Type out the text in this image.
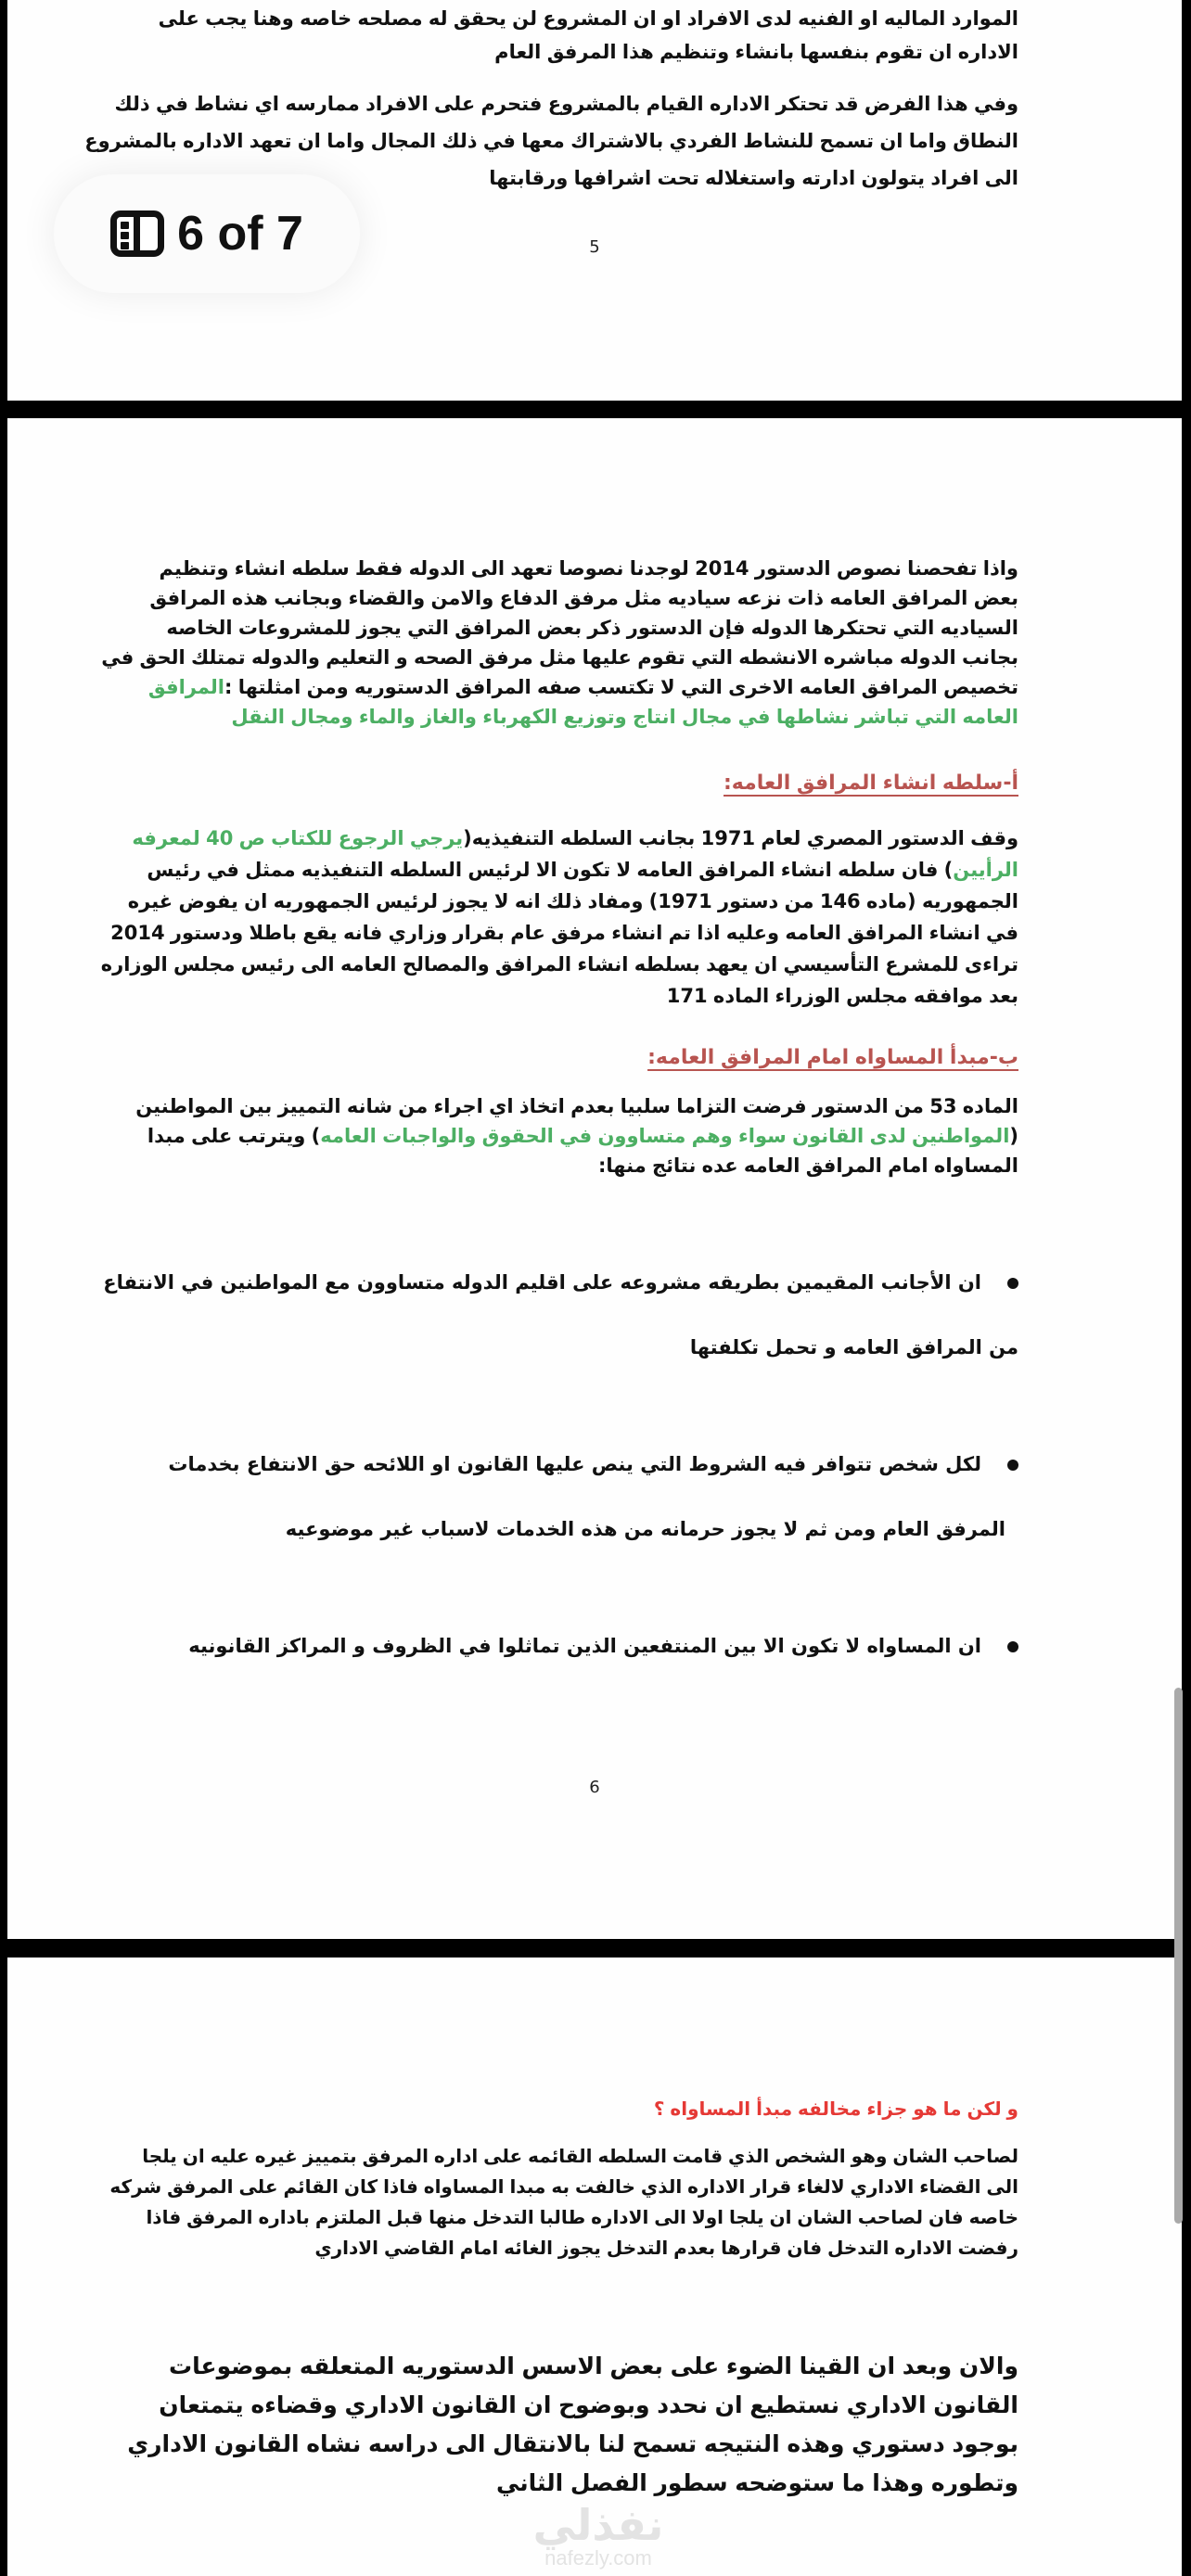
الموارد الماليه او الفنيه لدى الافراد او ان المشروع لن يحقق له مصلحه خاصه وهنا يجب على
الاداره ان تقوم بنفسها بانشاء وتنظيم هذا المرفق العام
وفي هذا الفرض قد تحتكر الاداره القيام بالمشروع فتحرم على الافراد ممارسه اي نشاط في ذلك
النطاق واما ان تسمح للنشاط الفردي بالاشتراك معها في ذلك المجال واما ان تعهد الاداره بالمشروع
الى افراد يتولون ادارته واستغلاله تحت اشرافها ورقابتها
5
واذا تفحصنا نصوص الدستور 2014 لوجدنا نصوصا تعهد الى الدوله فقط سلطه انشاء وتنظيم
بعض المرافق العامه ذات نزعه سياديه مثل مرفق الدفاع والامن والقضاء وبجانب هذه المرافق
السياديه التي تحتكرها الدوله فإن الدستور ذكر بعض المرافق التي يجوز للمشروعات الخاصه
بجانب الدوله مباشره الانشطه التي تقوم عليها مثل مرفق الصحه و التعليم والدوله تمتلك الحق في
تخصيص المرافق العامه الاخرى التي لا تكتسب صفه المرافق الدستوريه ومن امثلتها :المرافق
العامه التي تباشر نشاطها في مجال انتاج وتوزيع الكهرباء والغاز والماء ومجال النقل
أ-سلطه انشاء المرافق العامه:
وقف الدستور المصري لعام 1971 بجانب السلطه التنفيذيه(يرجي الرجوع للكتاب ص 40 لمعرفه
الرأيين) فان سلطه انشاء المرافق العامه لا تكون الا لرئيس السلطه التنفيذيه ممثل في رئيس
الجمهوريه (ماده 146 من دستور 1971) ومفاد ذلك انه لا يجوز لرئيس الجمهوريه ان يفوض غيره
في انشاء المرافق العامه وعليه اذا تم انشاء مرفق عام بقرار وزاري فانه يقع باطلا ودستور 2014
تراءى للمشرع التأسيسي ان يعهد بسلطه انشاء المرافق والمصالح العامه الى رئيس مجلس الوزاره
بعد موافقه مجلس الوزراء الماده 171
ب-مبدأ المساواه امام المرافق العامه:
الماده 53 من الدستور فرضت التزاما سلبيا بعدم اتخاذ اي اجراء من شانه التمييز بين المواطنين
(المواطنين لدى القانون سواء وهم متساوون في الحقوق والواجبات العامه) ويترتب على مبدا
المساواه امام المرافق العامه عده نتائج منها:
ان الأجانب المقيمين بطريقه مشروعه على اقليم الدوله متساوون مع المواطنين في الانتفاع
من المرافق العامه و تحمل تكلفتها
لكل شخص تتوافر فيه الشروط التي ينص عليها القانون او اللائحه حق الانتفاع بخدمات
المرفق العام ومن ثم لا يجوز حرمانه من هذه الخدمات لاسباب غير موضوعيه
ان المساواه لا تكون الا بين المنتفعين الذين تماثلوا في الظروف و المراكز القانونيه
6
و لكن ما هو جزاء مخالفه مبدأ المساواه ؟
لصاحب الشان وهو الشخص الذي قامت السلطه القائمه على اداره المرفق بتمييز غيره عليه ان يلجا
الى القضاء الاداري لالغاء قرار الاداره الذي خالفت به مبدا المساواه فاذا كان القائم على المرفق شركه
خاصه فان لصاحب الشان ان يلجا اولا الى الاداره طالبا التدخل منها قبل الملتزم باداره المرفق فاذا
رفضت الاداره التدخل فان قرارها بعدم التدخل يجوز الغائه امام القاضي الاداري
والان وبعد ان القينا الضوء على بعض الاسس الدستوريه المتعلقه بموضوعات
القانون الاداري نستطيع ان نحدد وبوضوح ان القانون الاداري وقضاءه يتمتعان
بوجود دستوري وهذه النتيجه تسمح لنا بالانتقال الى دراسه نشاه القانون الاداري
وتطوره وهذا ما ستوضحه سطور الفصل الثاني
نفذلي
nafezly.com
6 of 7
